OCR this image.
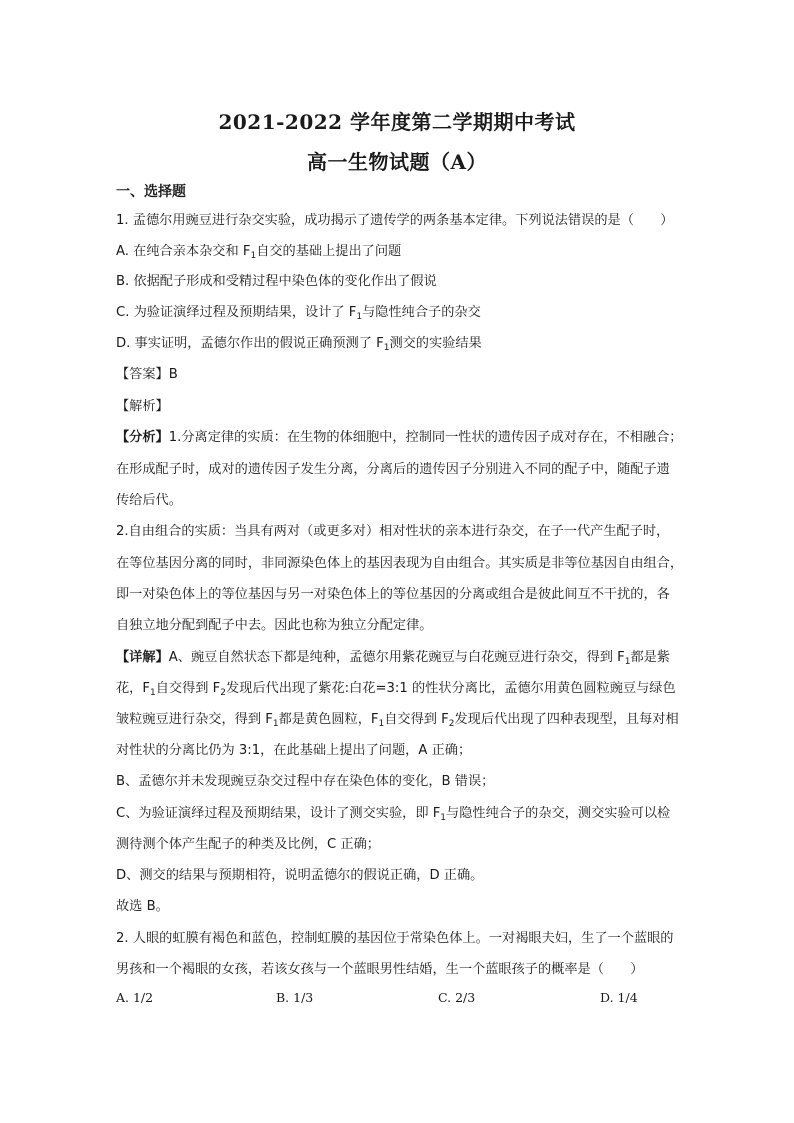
2021-2022 学年度第二学期期中考试
高一生物试题（A）
一、选择题
1. 孟德尔用豌豆进行杂交实验，成功揭示了遗传学的两条基本定律。下列说法错误的是（　　）
A. 在纯合亲本杂交和 $F_1$自交的基础上提出了问题
B. 依据配子形成和受精过程中染色体的变化作出了假说
C. 为验证演绎过程及预期结果，设计了 $F_1$与隐性纯合子的杂交
D. 事实证明，孟德尔作出的假说正确预测了 $F_1$测交的实验结果
【答案】B
【解析】
【分析】1.分离定律的实质：在生物的体细胞中，控制同一性状的遗传因子成对存在，不相融合；
在形成配子时，成对的遗传因子发生分离，分离后的遗传因子分别进入不同的配子中，随配子遗
传给后代。
2.自由组合的实质：当具有两对（或更多对）相对性状的亲本进行杂交，在子一代产生配子时，
在等位基因分离的同时，非同源染色体上的基因表现为自由组合。其实质是非等位基因自由组合，
即一对染色体上的等位基因与另一对染色体上的等位基因的分离或组合是彼此间互不干扰的，各
自独立地分配到配子中去。因此也称为独立分配定律。
【详解】A、豌豆自然状态下都是纯种，孟德尔用紫花豌豆与白花豌豆进行杂交，得到 $F_1$都是紫
花，$F_1$自交得到 $F_2$发现后代出现了紫花:白花=3:1 的性状分离比，孟德尔用黄色圆粒豌豆与绿色
皱粒豌豆进行杂交，得到 $F_1$都是黄色圆粒，$F_1$自交得到 $F_2$发现后代出现了四种表现型，且每对相
对性状的分离比仍为 3:1，在此基础上提出了问题，A 正确；
B、孟德尔并未发现豌豆杂交过程中存在染色体的变化，B 错误；
C、为验证演绎过程及预期结果，设计了测交实验，即 $F_1$与隐性纯合子的杂交，测交实验可以检
测待测个体产生配子的种类及比例，C 正确；
D、测交的结果与预期相符，说明孟德尔的假说正确，D 正确。
故选 B。
2. 人眼的虹膜有褐色和蓝色，控制虹膜的基因位于常染色体上。一对褐眼夫妇，生了一个蓝眼的
男孩和一个褐眼的女孩，若该女孩与一个蓝眼男性结婚，生一个蓝眼孩子的概率是（　　）
A. 1/2	B. 1/3	C. 2/3	D. 1/4
